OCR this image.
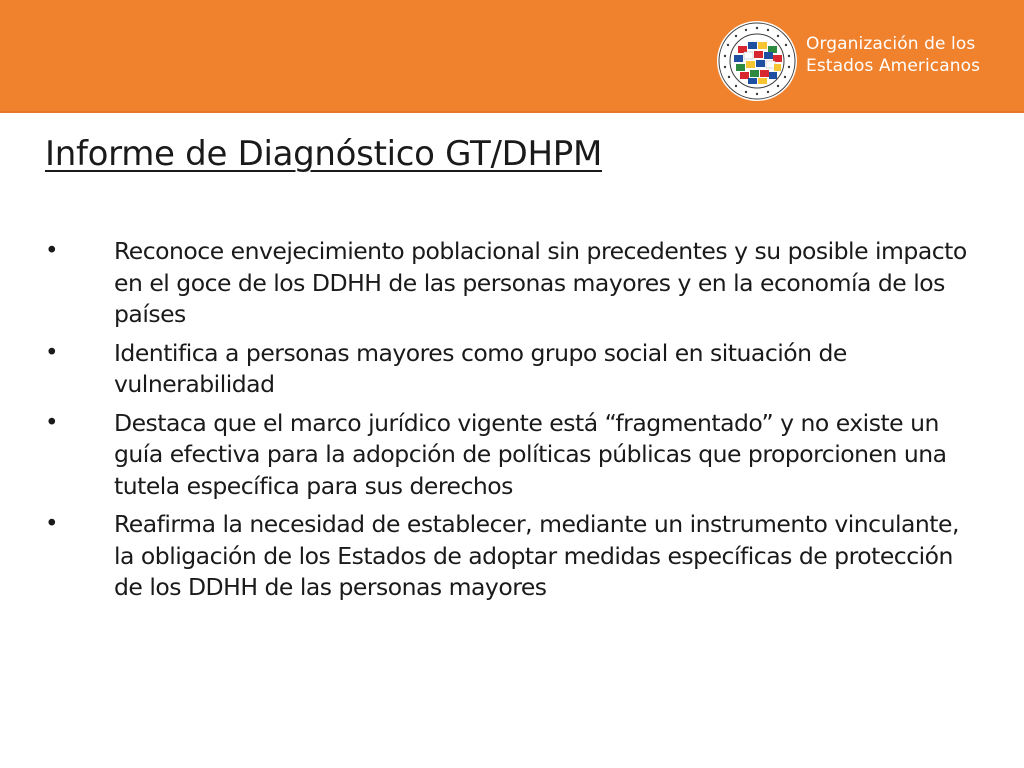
Organización de los
Estados Americanos
Informe de Diagnóstico GT/DHPM
• Reconoce envejecimiento poblacional sin precedentes y su posible impacto en el goce de los DDHH de las personas mayores y en la economía de los países
• Identifica a personas mayores como grupo social en situación de vulnerabilidad
• Destaca que el marco jurídico vigente está “fragmentado” y no existe un guía efectiva para la adopción de políticas públicas que proporcionen una tutela específica para sus derechos
• Reafirma la necesidad de establecer, mediante un instrumento vinculante, la obligación de los Estados de adoptar medidas específicas de protección de los DDHH de las personas mayores
